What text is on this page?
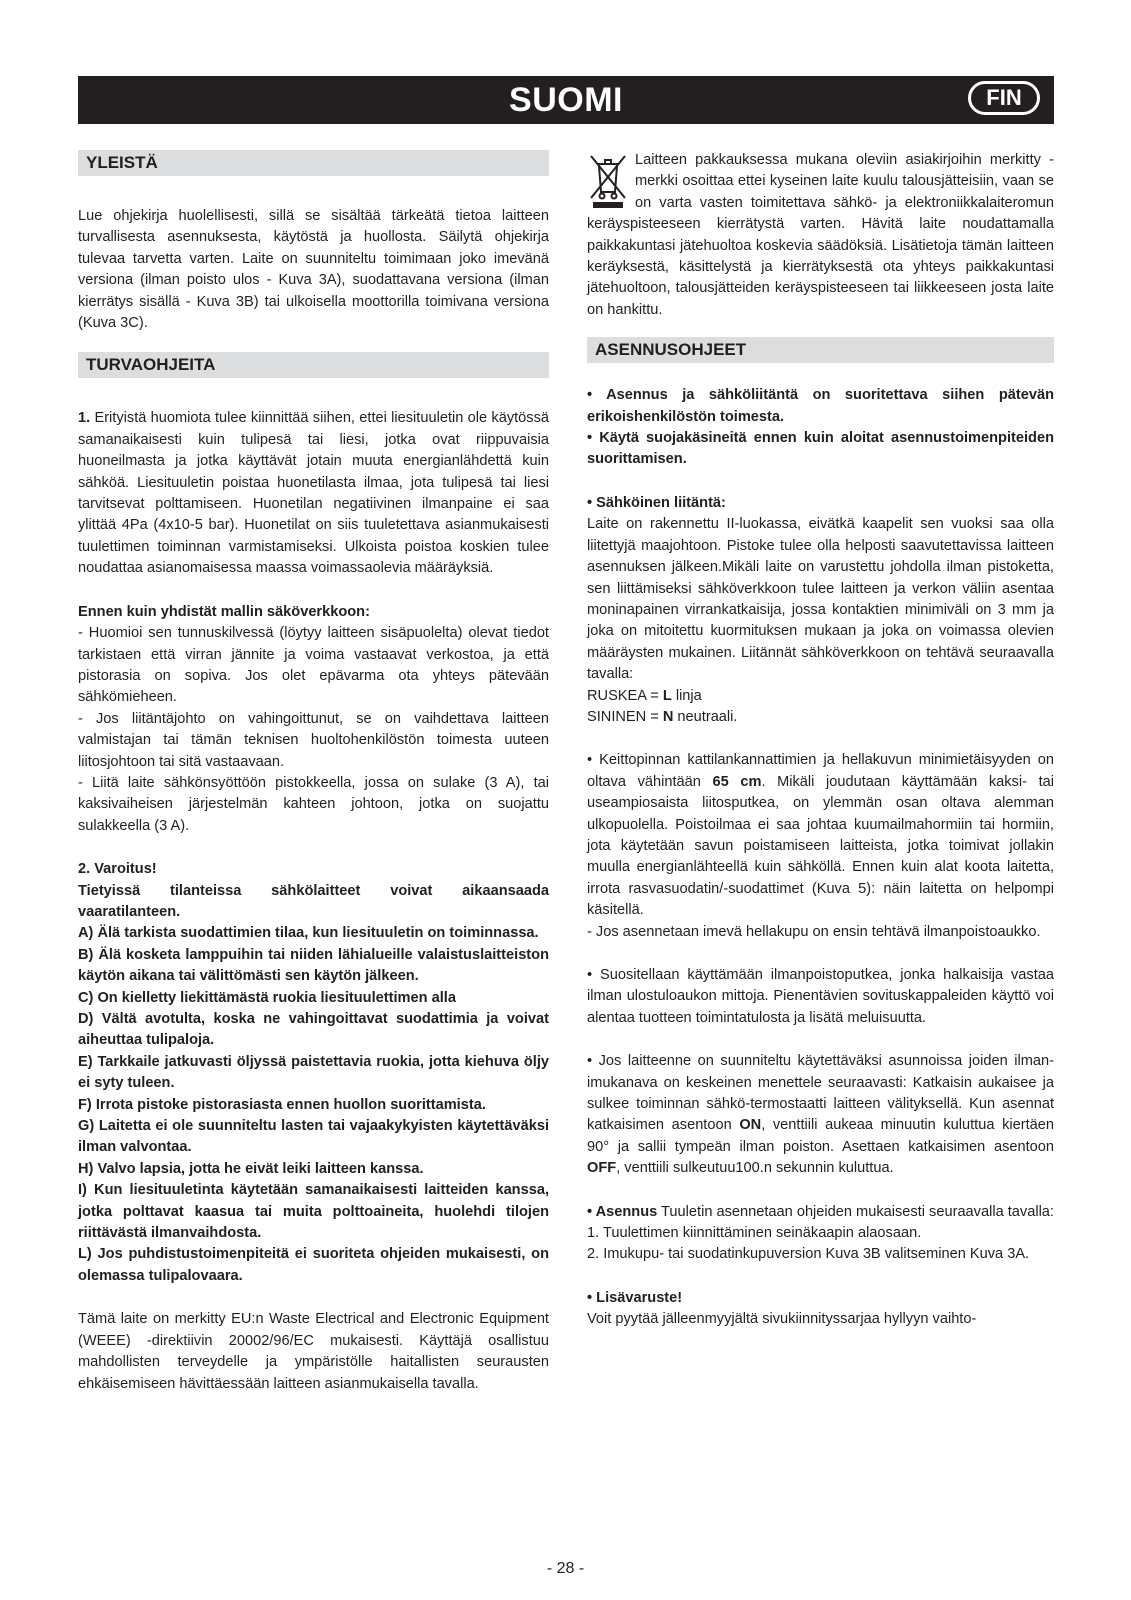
SUOMI	FIN
YLEISTÄ

Lue ohjekirja huolellisesti, sillä se sisältää tärkeätä tietoa laitteen turvallisesta asennuksesta, käytöstä ja huollosta. Säilytä ohjekirja tulevaa tarvetta varten. Laite on suunniteltu toimimaan joko imevänä versiona (ilman poisto ulos - Kuva 3A), suodattavana versiona (ilman kierrätys sisällä - Kuva 3B) tai ulkoisella moottorilla toimivana versiona (Kuva 3C).

TURVAOHJEITA

1. Erityistä huomiota tulee kiinnittää siihen, ettei liesituuletin ole käytössä samanaikaisesti kuin tulipesä tai liesi, jotka ovat riippuvaisia huoneilmasta ja jotka käyttävät jotain muuta energianlähdettä kuin sähköä. Liesituuletin poistaa huonetilasta ilmaa, jota tulipesä tai liesi tarvitsevat polttamiseen. Huonetilan negatiivinen ilmanpaine ei saa ylittää 4Pa (4x10-5 bar). Huonetilat on siis tuuletettava asianmukaisesti tuulettimen toiminnan varmistamiseksi. Ulkoista poistoa koskien tulee noudattaa asianomaisessa maassa voimassaolevia määräyksiä.

Ennen kuin yhdistät mallin säköverkkoon:

- Huomioi sen tunnuskilvessä (löytyy laitteen sisäpuolelta) olevat tiedot tarkistaen että virran jännite ja voima vastaavat verkostoa, ja että pistorasia on sopiva. Jos olet epävarma ota yhteys pätevään sähkömieheen.

- Jos liitäntäjohto on vahingoittunut, se on vaihdettava laitteen valmistajan tai tämän teknisen huoltohenkilöstön toimesta uuteen liitosjohtoon tai sitä vastaavaan.

- Liitä laite sähkönsyöttöön pistokkeella, jossa on sulake (3 A), tai kaksivaiheisen järjestelmän kahteen johtoon, jotka on suojattu sulakkeella (3 A).

2. Varoitus!

Tietyissä tilanteissa sähkölaitteet voivat aikaansaada vaaratilanteen.

A) Älä tarkista suodattimien tilaa, kun liesituuletin on toiminnassa.

B) Älä kosketa lamppuihin tai niiden lähialueille valaistuslaitteiston käytön aikana tai välittömästi sen käytön jälkeen.

C) On kielletty liekittämästä ruokia liesituulettimen alla

D) Vältä avotulta, koska ne vahingoittavat suodattimia ja voivat aiheuttaa tulipaloja.

E) Tarkkaile jatkuvasti öljyssä paistettavia ruokia, jotta kiehuva öljy ei syty tuleen.

F) Irrota pistoke pistorasiasta ennen huollon suorittamista.

G) Laitetta ei ole suunniteltu lasten tai vajaakykyisten käytettäväksi ilman valvontaa.

H) Valvo lapsia, jotta he eivät leiki laitteen kanssa.

I) Kun liesituuletinta käytetään samanaikaisesti laitteiden kanssa, jotka polttavat kaasua tai muita polttoaineita, huolehdi tilojen riittävästä ilmanvaihdosta.

L) Jos puhdistustoimenpiteitä ei suoriteta ohjeiden mukaisesti, on olemassa tulipalovaara.

Tämä laite on merkitty EU:n Waste Electrical and Electronic Equipment (WEEE) -direktiivin 20002/96/EC mukaisesti. Käyttäjä osallistuu mahdollisten terveydelle ja ympäristölle haitallisten seurausten ehkäisemiseen hävittäessään laitteen asianmukaisella tavalla.

Laitteen pakkauksessa mukana oleviin asiakirjoihin merkitty -merkki osoittaa ettei kyseinen laite kuulu talousjätteisiin, vaan se on varta vasten toimitettava sähkö- ja elektroniikkalaiteromun keräyspisteeseen kierrätystä varten. Hävitä laite noudattamalla paikkakuntasi jätehuoltoa koskevia säädöksiä. Lisätietoja tämän laitteen keräyksestä, käsittelystä ja kierrätyksestä ota yhteys paikkakuntasi jätehuoltoon, talousjätteiden keräyspisteeseen tai liikkeeseen josta laite on hankittu.

ASENNUSOHJEET

• Asennus ja sähköliitäntä on suoritettava siihen pätevän erikoishenkilöstön toimesta.

• Käytä suojakäsineitä ennen kuin aloitat asennustoimenpiteiden suorittamisen.

• Sähköinen liitäntä:

Laite on rakennettu II-luokassa, eivätkä kaapelit sen vuoksi saa olla liitettyjä maajohtoon. Pistoke tulee olla helposti saavutettavissa laitteen asennuksen jälkeen.Mikäli laite on varustettu johdolla ilman pistoketta, sen liittämiseksi sähköverkkoon tulee laitteen ja verkon väliin asentaa moninapainen virrankatkaisija, jossa kontaktien minimiväli on 3 mm ja joka on mitoitettu kuormituksen mukaan ja joka on voimassa olevien määräysten mukainen. Liitännät sähköverkkoon on tehtävä seuraavalla tavalla:

RUSKEA = L linja

SININEN = N neutraali.

• Keittopinnan kattilankannattimien ja hellakuvun minimietäisyyden on oltava vähintään 65 cm. Mikäli joudutaan käyttämään kaksi- tai useampiosaista liitosputkea, on ylemmän osan oltava alemman ulkopuolella. Poistoilmaa ei saa johtaa kuumailmahormiin tai hormiin, jota käytetään savun poistamiseen laitteista, jotka toimivat jollakin muulla energianlähteellä kuin sähköllä. Ennen kuin alat koota laitetta, irrota rasvasuodatin/-suodattimet (Kuva 5): näin laitetta on helpompi käsitellä.

- Jos asennetaan imevä hellakupu on ensin tehtävä ilmanpoistoaukko.

• Suositellaan käyttämään ilmanpoistoputkea, jonka halkaisija vastaa ilman ulostuloaukon mittoja. Pienentävien sovituskappaleiden käyttö voi alentaa tuotteen toimintatulosta ja lisätä meluisuutta.

• Jos laitteenne on suunniteltu käytettäväksi asunnoissa joiden ilman-imukanava on keskeinen menettele seuraavasti: Katkaisin aukaisee ja sulkee toiminnan sähkö-termostaatti laitteen välityksellä. Kun asennat katkaisimen asentoon ON, venttiili aukeaa minuutin kuluttua kiertäen 90° ja sallii tympeän ilman poiston. Asettaen katkaisimen asentoon OFF, venttiili sulkeutuu100.n sekunnin kuluttua.

• Asennus Tuuletin asennetaan ohjeiden mukaisesti seuraavalla tavalla:

1. Tuulettimen kiinnittäminen seinäkaapin alaosaan.

2. Imukupu- tai suodatinkupuversion Kuva 3B valitseminen Kuva 3A.

• Lisävaruste!

Voit pyytää jälleenmyyjältä sivukiinnityssarjaa hyllyyn vaihto-

- 28 -
